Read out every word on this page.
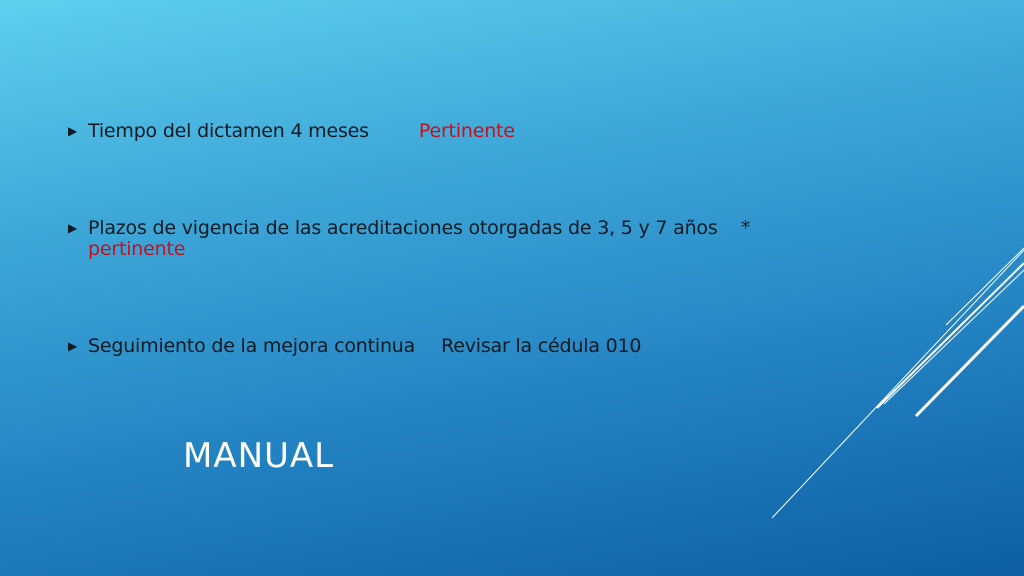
▶ Tiempo del dictamen 4 meses	Pertinente
▶ Plazos de vigencia de las acreditaciones otorgadas de 3, 5 y 7 años * pertinente
▶ Seguimiento de la mejora continua Revisar la cédula 010
MANUAL
